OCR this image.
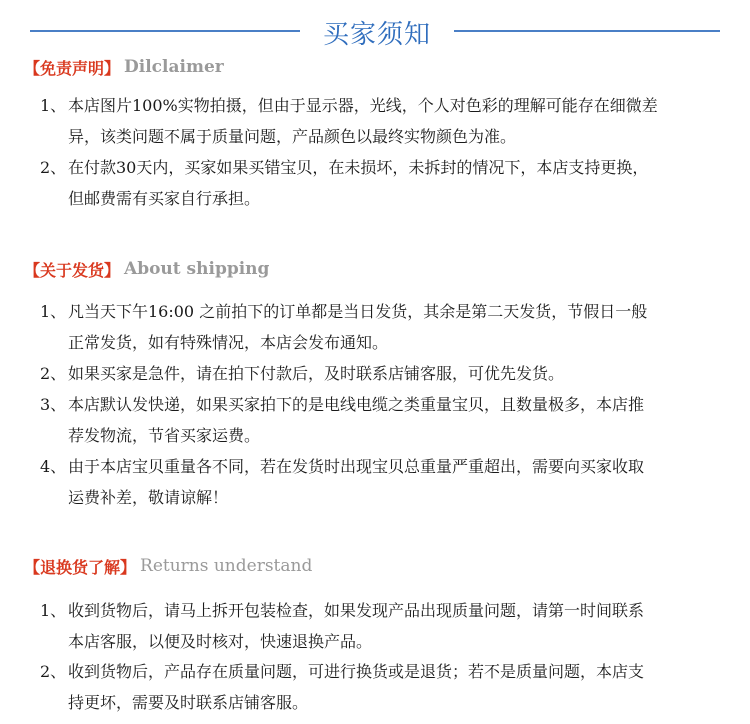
买家须知
【免责声明】 Dilclaimer
1、 本店图片100%实物拍摄，但由于显示器，光线，个人对色彩的理解可能存在细微差
异，该类问题不属于质量问题，产品颜色以最终实物颜色为准。
2、 在付款30天内，买家如果买错宝贝，在未损坏，未拆封的情况下，本店支持更换，
但邮费需有买家自行承担。
【关于发货】 About shipping
1、 凡当天下午16:00 之前拍下的订单都是当日发货，其余是第二天发货，节假日一般
正常发货，如有特殊情况，本店会发布通知。
2、 如果买家是急件，请在拍下付款后，及时联系店铺客服，可优先发货。
3、 本店默认发快递，如果买家拍下的是电线电缆之类重量宝贝，且数量极多，本店推
荐发物流，节省买家运费。
4、 由于本店宝贝重量各不同，若在发货时出现宝贝总重量严重超出，需要向买家收取
运费补差，敬请谅解！
【退换货了解】 Returns understand
1、 收到货物后，请马上拆开包装检查，如果发现产品出现质量问题，请第一时间联系
本店客服，以便及时核对，快速退换产品。
2、 收到货物后，产品存在质量问题，可进行换货或是退货；若不是质量问题，本店支
持更坏，需要及时联系店铺客服。
